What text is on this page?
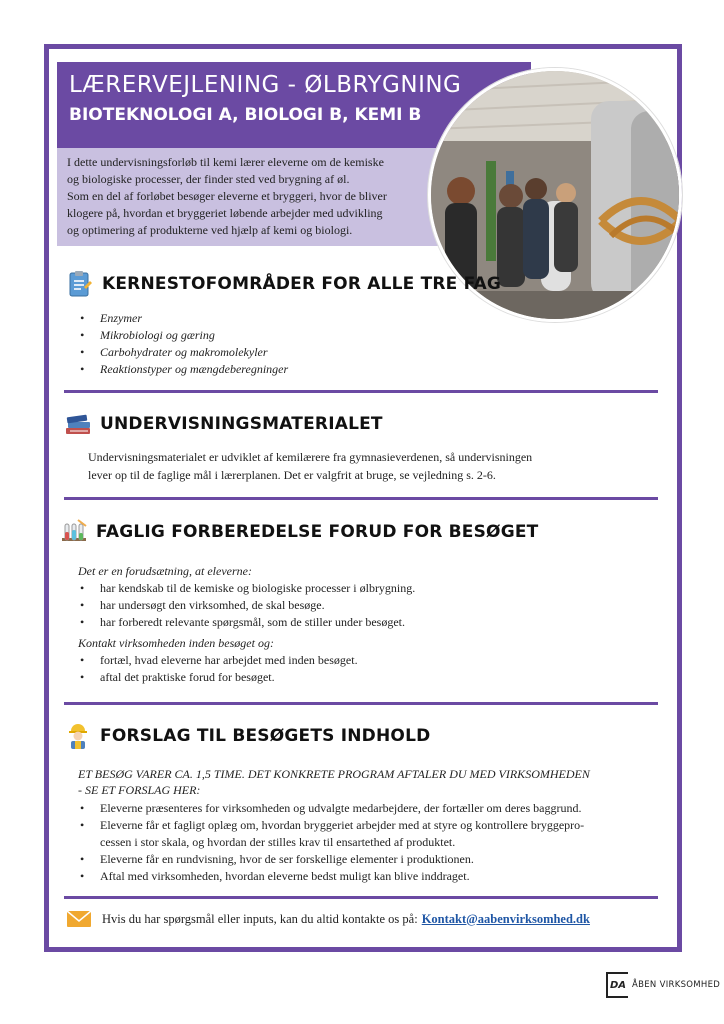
LÆRERVEJLENING - ØLBRYGNING
BIOTEKNOLOGI A, BIOLOGI B, KEMI B
I dette undervisningsforløb til kemi lærer eleverne om de kemiske
og biologiske processer, der finder sted ved brygning af øl.
Som en del af forløbet besøger eleverne et bryggeri, hvor de bliver
klogere på, hvordan et bryggeriet løbende arbejder med udvikling
og optimering af produkterne ved hjælp af kemi og biologi.
KERNESTOFOMRÅDER FOR ALLE TRE FAG
• Enzymer
• Mikrobiologi og gæring
• Carbohydrater og makromolekyler
• Reaktionstyper og mængdeberegninger
UNDERVISNINGSMATERIALET
Undervisningsmaterialet er udviklet af kemilærere fra gymnasieverdenen, så undervisningen
lever op til de faglige mål i lærerplanen. Det er valgfrit at bruge, se vejledning s. 2-6.
FAGLIG FORBEREDELSE FORUD FOR BESØGET
Det er en forudsætning, at eleverne:
• har kendskab til de kemiske og biologiske processer i ølbrygning.
• har undersøgt den virksomhed, de skal besøge.
• har forberedt relevante spørgsmål, som de stiller under besøget.
Kontakt virksomheden inden besøget og:
• fortæl, hvad eleverne har arbejdet med inden besøget.
• aftal det praktiske forud for besøget.
FORSLAG TIL BESØGETS INDHOLD
ET BESØG VARER CA. 1,5 TIME. DET KONKRETE PROGRAM AFTALER DU MED VIRKSOMHEDEN
- SE ET FORSLAG HER:
• Eleverne præsenteres for virksomheden og udvalgte medarbejdere, der fortæller om deres baggrund.
• Eleverne får et fagligt oplæg om, hvordan bryggeriet arbejder med at styre og kontrollere bryggepro-
cessen i stor skala, og hvordan der stilles krav til ensartethed af produktet.
• Eleverne får en rundvisning, hvor de ser forskellige elementer i produktionen.
• Aftal med virksomheden, hvordan eleverne bedst muligt kan blive inddraget.
Hvis du har spørgsmål eller inputs, kan du altid kontakte os på: Kontakt@aabenvirksomhed.dk
DA ÅBEN VIRKSOMHED
